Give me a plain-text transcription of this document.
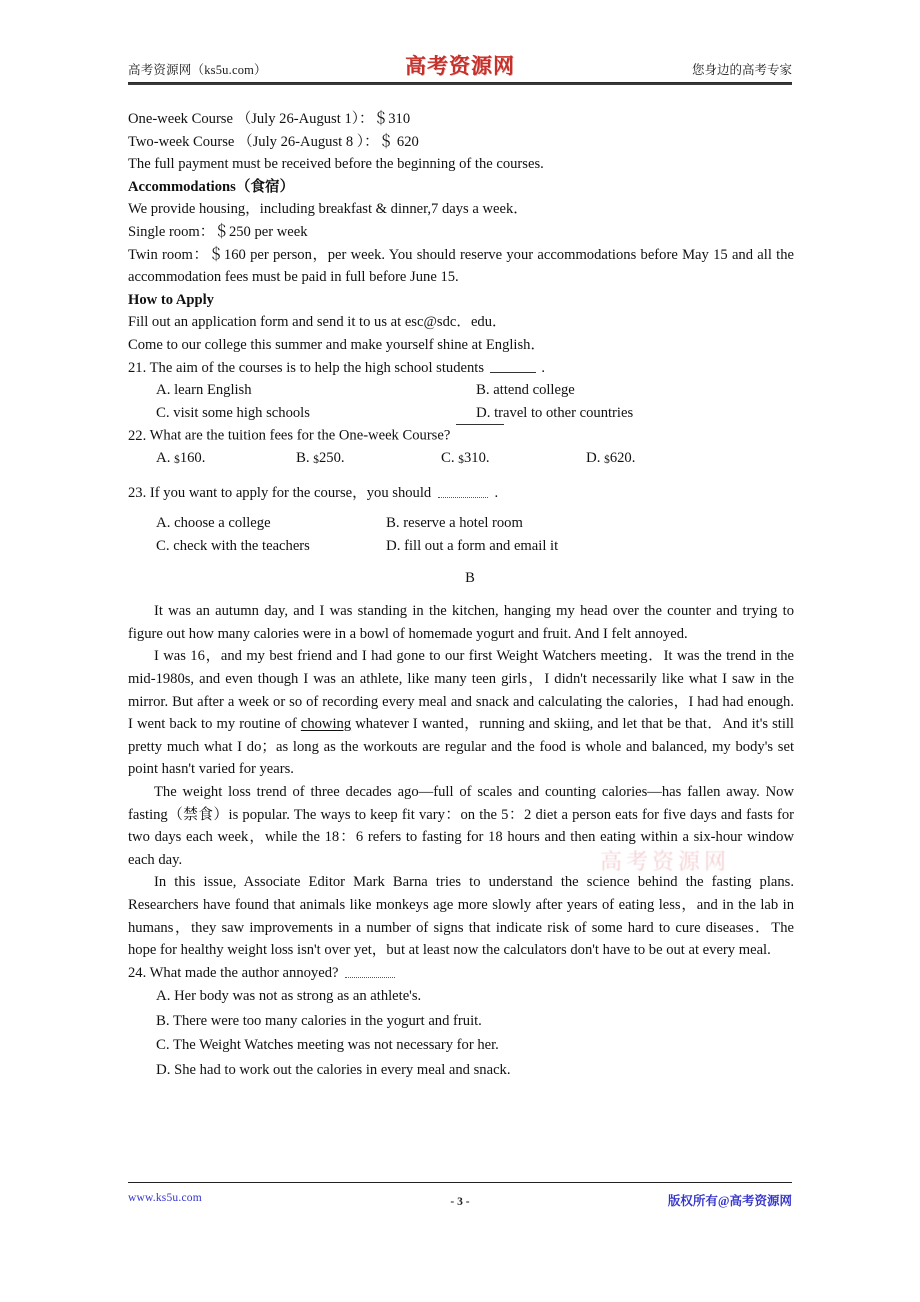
高考资源网（ks5u.com）	高考资源网	您身边的高考专家
One-week Course （July 26-August 1）：＄310
Two-week Course （July 26-August 8 ）：＄ 620
The full payment must be received before the beginning of the courses.
Accommodations（食宿）
We provide housing，including breakfast & dinner,7 days a week．
Single room：＄250 per week
Twin room：＄160 per person，per week. You should reserve your accommodations before May 15 and all the accommodation fees must be paid in full before June 15.
How to Apply
Fill out an application form and send it to us at esc@sdc．edu．
Come to our college this summer and make yourself shine at English．
21. The aim of the courses is to help the high school students	.
A. learn English	B. attend college
C. visit some high schools	D. travel to other countries
22. What are the tuition fees for the One-week Course?
A. $160.	B. $250.	C. $310.	D. $620.
23. If you want to apply for the course，you should	.
A. choose a college	B. reserve a hotel room
C. check with the teachers	D. fill out a form and email it
B
It was an autumn day, and I was standing in the kitchen, hanging my head over the counter and trying to figure out how many calories were in a bowl of homemade yogurt and fruit. And I felt annoyed.
I was 16，and my best friend and I had gone to our first Weight Watchers meeting．It was the trend in the mid-1980s, and even though I was an athlete, like many teen girls，I didn't necessarily like what I saw in the mirror. But after a week or so of recording every meal and snack and calculating the calories，I had had enough. I went back to my routine of chowing whatever I wanted，running and skiing, and let that be that．And it's still pretty much what I do；as long as the workouts are regular and the food is whole and balanced, my body's set point hasn't varied for years.
The weight loss trend of three decades ago—full of scales and counting calories—has fallen away. Now fasting（禁食）is popular. The ways to keep fit vary：on the 5：2 diet a person eats for five days and fasts for two days each week，while the 18：6 refers to fasting for 18 hours and then eating within a six-hour window each day.
In this issue, Associate Editor Mark Barna tries to understand the science behind the fasting plans. Researchers have found that animals like monkeys age more slowly after years of eating less，and in the lab in humans，they saw improvements in a number of signs that indicate risk of some hard to cure diseases．The hope for healthy weight loss isn't over yet，but at least now the calculators don't have to be out at every meal.
24. What made the author annoyed?
A. Her body was not as strong as an athlete's.
B. There were too many calories in the yogurt and fruit.
C. The Weight Watches meeting was not necessary for her.
D. She had to work out the calories in every meal and snack.
高考资源网
www.ks5u.com	- 3 -	版权所有@高考资源网
